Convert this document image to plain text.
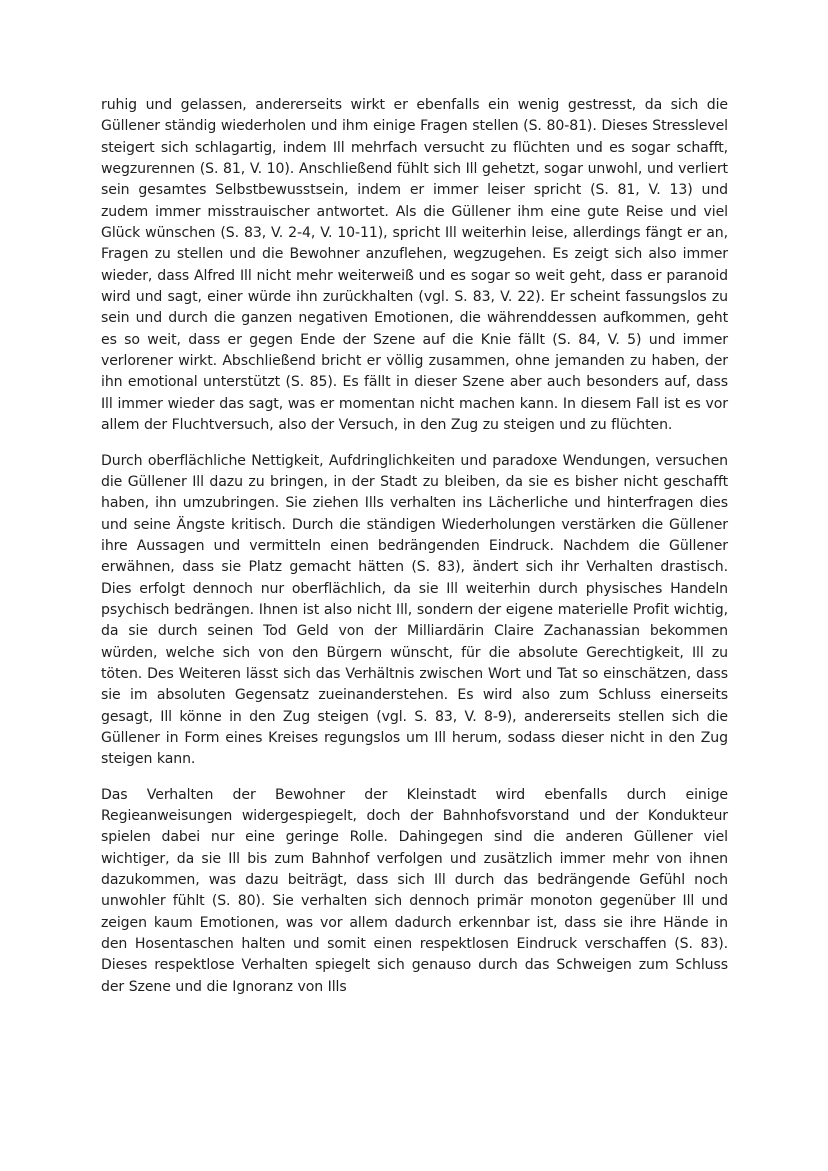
ruhig und gelassen, andererseits wirkt er ebenfalls ein wenig gestresst, da sich die Güllener ständig wiederholen und ihm einige Fragen stellen (S. 80-81). Dieses Stresslevel steigert sich schlagartig, indem Ill mehrfach versucht zu flüchten und es sogar schafft, wegzurennen (S. 81, V. 10). Anschließend fühlt sich Ill gehetzt, sogar unwohl, und verliert sein gesamtes Selbstbewusstsein, indem er immer leiser spricht (S. 81, V. 13) und zudem immer misstrauischer antwortet. Als die Güllener ihm eine gute Reise und viel Glück wünschen (S. 83, V. 2-4, V. 10-11), spricht Ill weiterhin leise, allerdings fängt er an, Fragen zu stellen und die Bewohner anzuflehen, wegzugehen. Es zeigt sich also immer wieder, dass Alfred Ill nicht mehr weiterweiß und es sogar so weit geht, dass er paranoid wird und sagt, einer würde ihn zurückhalten (vgl. S. 83, V. 22). Er scheint fassungslos zu sein und durch die ganzen negativen Emotionen, die währenddessen aufkommen, geht es so weit, dass er gegen Ende der Szene auf die Knie fällt (S. 84, V. 5) und immer verlorener wirkt. Abschließend bricht er völlig zusammen, ohne jemanden zu haben, der ihn emotional unterstützt (S. 85). Es fällt in dieser Szene aber auch besonders auf, dass Ill immer wieder das sagt, was er momentan nicht machen kann. In diesem Fall ist es vor allem der Fluchtversuch, also der Versuch, in den Zug zu steigen und zu flüchten.

Durch oberflächliche Nettigkeit, Aufdringlichkeiten und paradoxe Wendungen, versuchen die Güllener Ill dazu zu bringen, in der Stadt zu bleiben, da sie es bisher nicht geschafft haben, ihn umzubringen. Sie ziehen Ills verhalten ins Lächerliche und hinterfragen dies und seine Ängste kritisch. Durch die ständigen Wiederholungen verstärken die Güllener ihre Aussagen und vermitteln einen bedrängenden Eindruck. Nachdem die Güllener erwähnen, dass sie Platz gemacht hätten (S. 83), ändert sich ihr Verhalten drastisch. Dies erfolgt dennoch nur oberflächlich, da sie Ill weiterhin durch physisches Handeln psychisch bedrängen. Ihnen ist also nicht Ill, sondern der eigene materielle Profit wichtig, da sie durch seinen Tod Geld von der Milliardärin Claire Zachanassian bekommen würden, welche sich von den Bürgern wünscht, für die absolute Gerechtigkeit, Ill zu töten. Des Weiteren lässt sich das Verhältnis zwischen Wort und Tat so einschätzen, dass sie im absoluten Gegensatz zueinanderstehen. Es wird also zum Schluss einerseits gesagt, Ill könne in den Zug steigen (vgl. S. 83, V. 8-9), andererseits stellen sich die Güllener in Form eines Kreises regungslos um Ill herum, sodass dieser nicht in den Zug steigen kann.

Das Verhalten der Bewohner der Kleinstadt wird ebenfalls durch einige Regieanweisungen widergespiegelt, doch der Bahnhofsvorstand und der Kondukteur spielen dabei nur eine geringe Rolle. Dahingegen sind die anderen Güllener viel wichtiger, da sie Ill bis zum Bahnhof verfolgen und zusätzlich immer mehr von ihnen dazukommen, was dazu beiträgt, dass sich Ill durch das bedrängende Gefühl noch unwohler fühlt (S. 80). Sie verhalten sich dennoch primär monoton gegenüber Ill und zeigen kaum Emotionen, was vor allem dadurch erkennbar ist, dass sie ihre Hände in den Hosentaschen halten und somit einen respektlosen Eindruck verschaffen (S. 83). Dieses respektlose Verhalten spiegelt sich genauso durch das Schweigen zum Schluss der Szene und die Ignoranz von Ills
